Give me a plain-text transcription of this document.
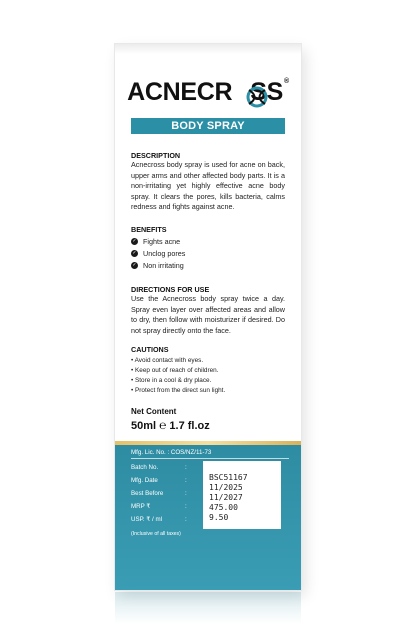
ACNECR SS®
BODY SPRAY
DESCRIPTION
Acnecross body spray is used for acne on back, upper arms and other affected body parts. It is a non-irritating yet highly effective acne body spray. It clears the pores, kills bacteria, calms redness and fights against acne.
BENEFITS
✓ Fights acne
✓ Unclog pores
✓ Non irritating
DIRECTIONS FOR USE
Use the Acnecross body spray twice a day. Spray even layer over affected areas and allow to dry, then follow with moisturizer if desired. Do not spray directly onto the face.
CAUTIONS
• Avoid contact with eyes.
• Keep out of reach of children.
• Store in a cool & dry place.
• Protect from the direct sun light.
Net Content
50ml ℮ 1.7 fl.oz
Mfg. Lic. No. : COS/NZ/11-73
Batch No.
Mfg. Date
Best Before
MRP ₹
USP. ₹ / ml
:
:
:
:
:
(Inclusive of all taxes)
BSC51167
11/2025
11/2027
475.00
9.50
